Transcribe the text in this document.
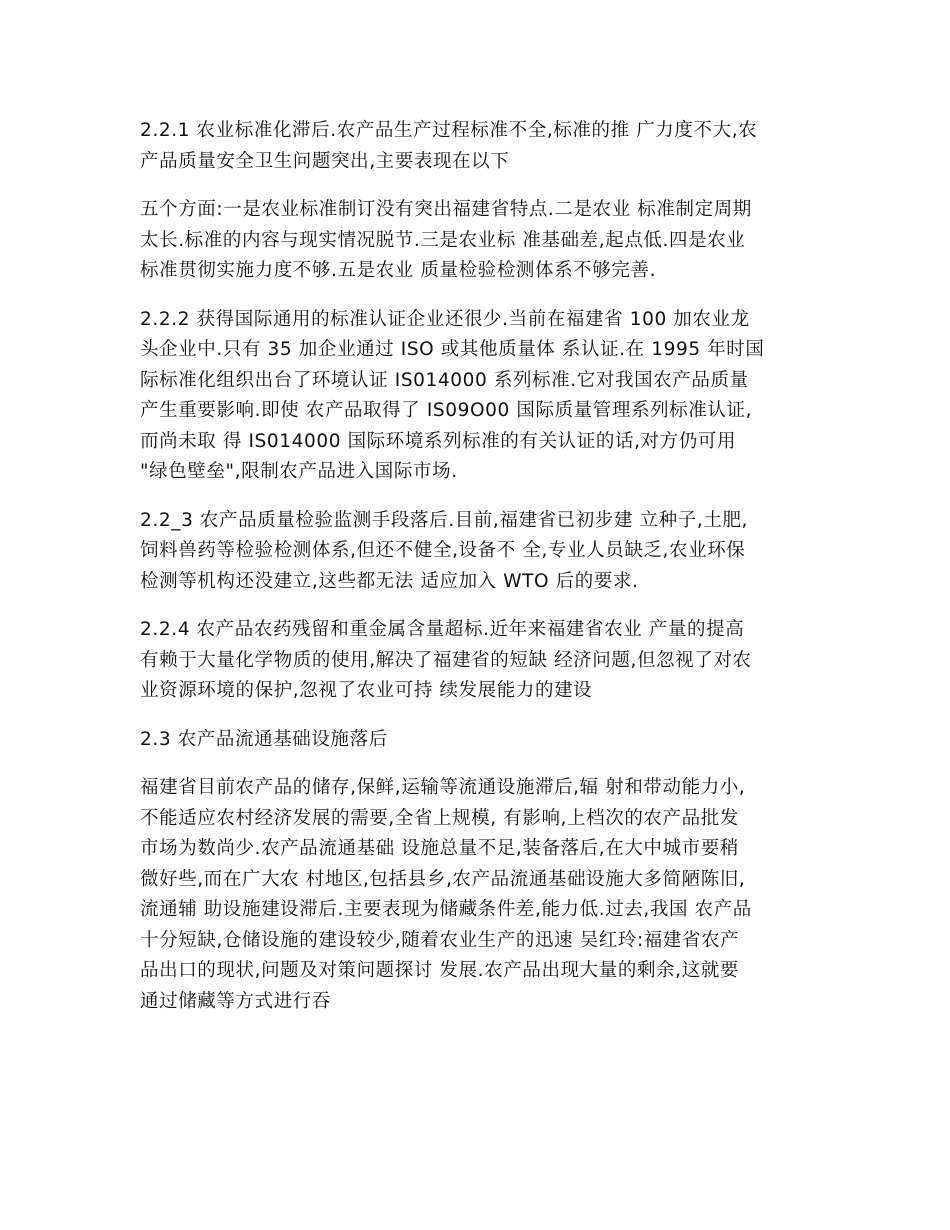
2.2.1 农业标准化滞后.农产品生产过程标准不全,标准的推 广力度不大,农
产品质量安全卫生问题突出,主要表现在以下
五个方面:一是农业标准制订没有突出福建省特点.二是农业 标准制定周期
太长.标准的内容与现实情况脱节.三是农业标 准基础差,起点低.四是农业
标准贯彻实施力度不够.五是农业 质量检验检测体系不够完善.
2.2.2 获得国际通用的标准认证企业还很少.当前在福建省 100 加农业龙
头企业中.只有 35 加企业通过 ISO 或其他质量体 系认证.在 1995 年时国
际标准化组织出台了环境认证 IS014000 系列标准.它对我国农产品质量
产生重要影响.即使 农产品取得了 IS09O00 国际质量管理系列标准认证,
而尚未取 得 IS014000 国际环境系列标准的有关认证的话,对方仍可用
"绿色壁垒",限制农产品进入国际市场.
2.2_3 农产品质量检验监测手段落后.目前,福建省已初步建 立种子,土肥,
饲料兽药等检验检测体系,但还不健全,设备不 全,专业人员缺乏,农业环保
检测等机构还没建立,这些都无法 适应加入 WTO 后的要求.
2.2.4 农产品农药残留和重金属含量超标.近年来福建省农业 产量的提高
有赖于大量化学物质的使用,解决了福建省的短缺 经济问题,但忽视了对农
业资源环境的保护,忽视了农业可持 续发展能力的建设
2.3 农产品流通基础设施落后
福建省目前农产品的储存,保鲜,运输等流通设施滞后,辐 射和带动能力小,
不能适应农村经济发展的需要,全省上规模, 有影响,上档次的农产品批发
市场为数尚少.农产品流通基础 设施总量不足,装备落后,在大中城市要稍
微好些,而在广大农 村地区,包括县乡,农产品流通基础设施大多简陋陈旧,
流通辅 助设施建设滞后.主要表现为储藏条件差,能力低.过去,我国 农产品
十分短缺,仓储设施的建设较少,随着农业生产的迅速 吴红玲:福建省农产
品出口的现状,问题及对策问题探讨 发展.农产品出现大量的剩余,这就要
通过储藏等方式进行吞
